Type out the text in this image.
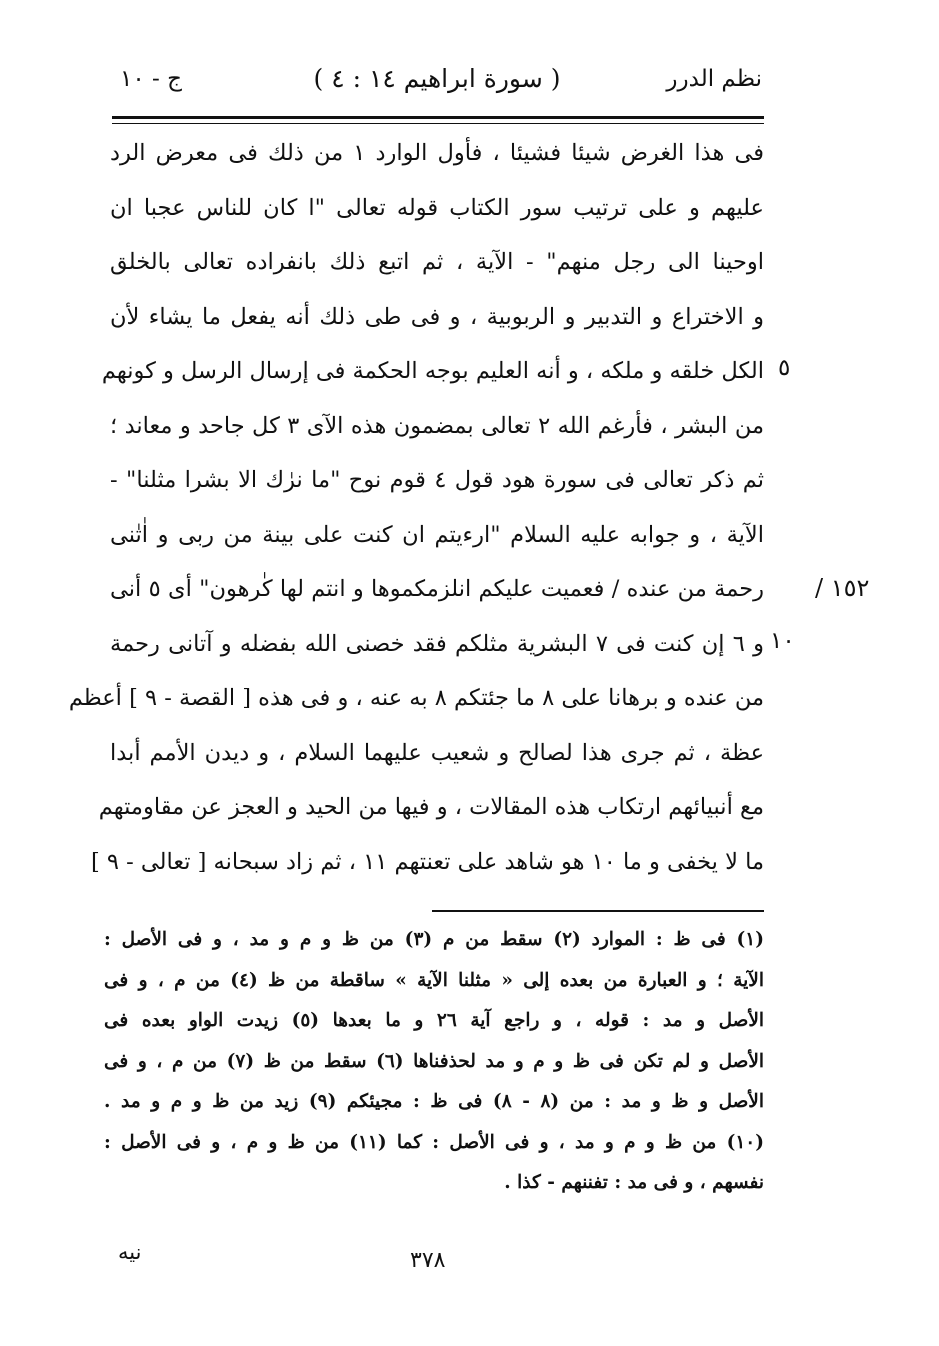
نظم الدرر
( سورة ابراهيم ١٤ : ٤ )
ج - ١٠
فى هذا الغرض شيئا فشيئا ، فأول الوارد ١ من ذلك فى معرض الرد
عليهم و على ترتيب سور الكتاب قوله تعالى "ا كان للناس عجبا ان
اوحينا الى رجل منهم" - الآية ، ثم اتبع ذلك بانفراده تعالى بالخلق
و الاختراع و التدبير و الربوبية ، و فى طى ذلك أنه يفعل ما يشاء لأن
الكل خلقه و ملكه ، و أنه العليم بوجه الحكمة فى إرسال الرسل و كونهم
من البشر ، فأرغم الله ٢ تعالى بمضمون هذه الآى ٣ كل جاحد و معاند ؛
ثم ذكر تعالى فى سورة هود قول ٤ قوم نوح "ما نرٰك الا بشرا مثلنا" -
الآية ، و جوابه عليه السلام "ارءيتم ان كنت على بينة من ربى و اٰتٰنى
رحمة من عنده / فعميت عليكم انلزمكموها و انتم لها كٰرهون" أى ٥ أنى
و ٦ إن كنت فى ٧ البشرية مثلكم فقد خصنى الله بفضله و آتانى رحمة
من عنده و برهانا على ٨ ما جئتكم ٨ به عنه ، و فى هذه [ القصة - ٩ ] أعظم
عظة ، ثم جرى هذا لصالح و شعيب عليهما السلام ، و ديدن الأمم أبدا
مع أنبيائهم ارتكاب هذه المقالات ، و فيها من الحيد و العجز عن مقاومتهم
ما لا يخفى و ما ١٠ هو شاهد على تعنتهم ١١ ، ثم زاد سبحانه [ تعالى - ٩ ]
٥
١٠
١٥٢ /
(١) فى ظ : الموارد (٢) سقط من م (٣) من ظ و م و مد ، و فى الأصل :
الآية ؛ و العبارة من بعده إلى « مثلنا الآية » ساقطة من ظ (٤) من م ، و فى
الأصل و مد : قوله ، و راجع آية ٢٦ و ما بعدها (٥) زيدت الواو بعده فى
الأصل و لم تكن فى ظ و م و مد لحذفناها (٦) سقط من ظ (٧) من م ، و فى
الأصل و ظ و مد : من (٨ - ٨) فى ظ : مجيئكم (٩) زيد من ظ و م و مد .
(١٠) من ظ و م و مد ، و فى الأصل : كما (١١) من ظ و م ، و فى الأصل :
نفسهم ، و فى مد : تفننهم - كذا .
٣٧٨
نيه
